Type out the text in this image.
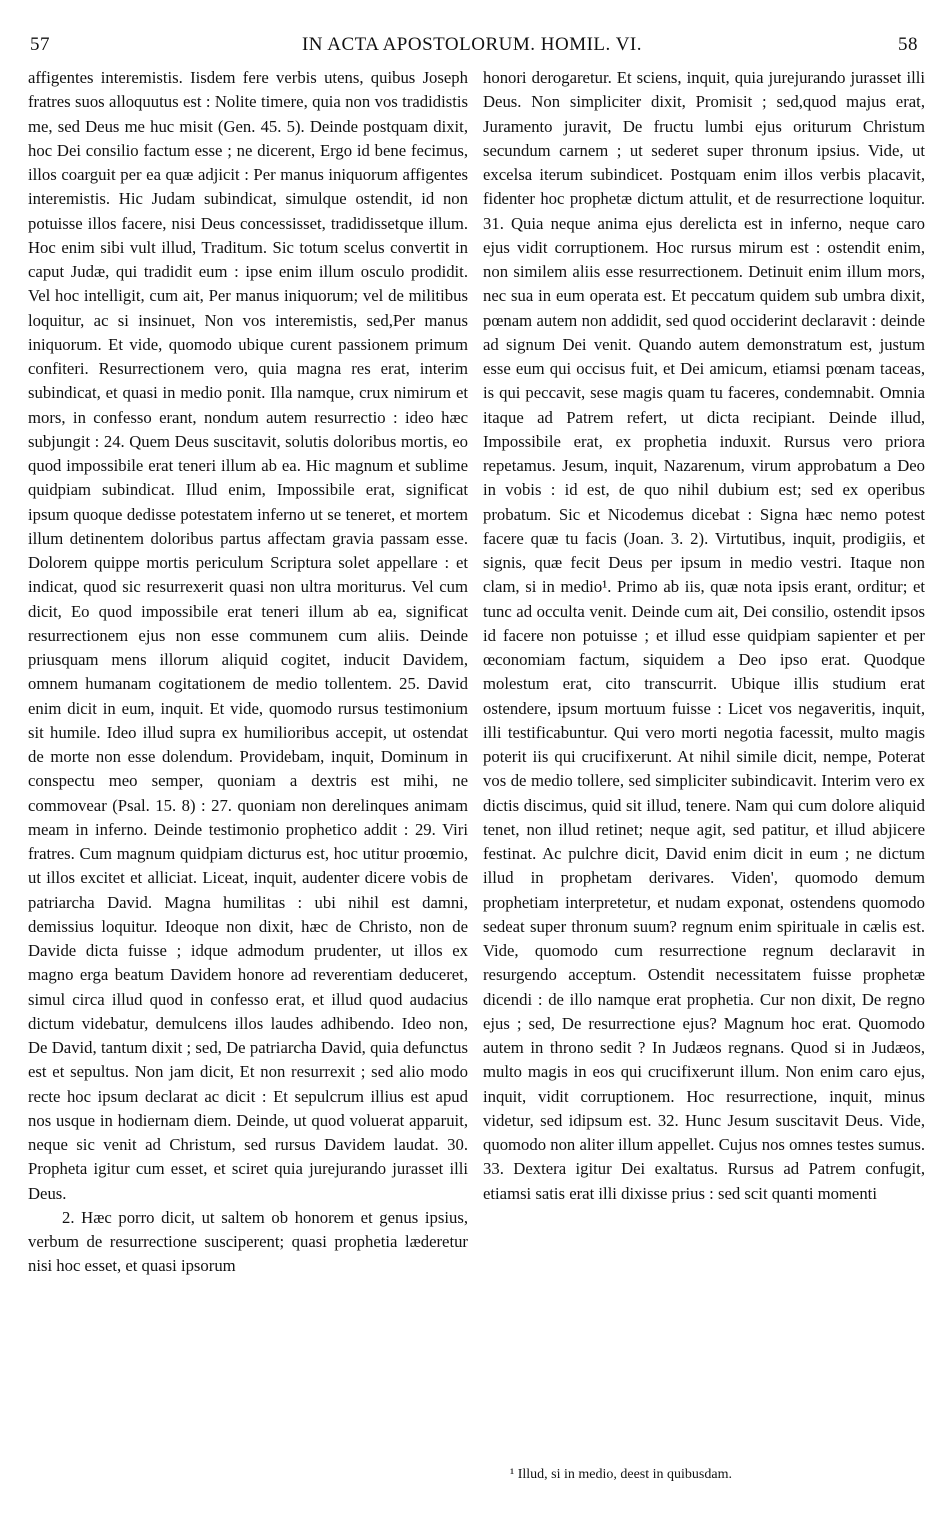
57	IN ACTA APOSTOLORUM. HOMIL. VI.	58

affigentes interemistis. Iisdem fere verbis utens, quibus Joseph fratres suos alloquutus est : Nolite timere, quia non vos tradidistis me, sed Deus me huc misit (Gen. 45. 5). Deinde postquam dixit, hoc Dei consilio factum esse ; ne dicerent, Ergo id bene fecimus, illos coarguit per ea quæ adjicit : Per manus iniquorum affigentes interemistis. Hic Judam subindicat, simulque ostendit, id non potuisse illos facere, nisi Deus concessisset, tradidissetque illum. Hoc enim sibi vult illud, Traditum. Sic totum scelus convertit in caput Judæ, qui tradidit eum : ipse enim illum osculo prodidit. Vel hoc intelligit, cum ait, Per manus iniquorum; vel de militibus loquitur, ac si insinuet, Non vos interemistis, sed,Per manus iniquorum. Et vide, quomodo ubique curent passionem primum confiteri. Resurrectionem vero, quia magna res erat, interim subindicat, et quasi in medio ponit. Illa namque, crux nimirum et mors, in confesso erant, nondum autem resurrectio : ideo hæc subjungit : 24. Quem Deus suscitavit, solutis doloribus mortis, eo quod impossibile erat teneri illum ab ea. Hic magnum et sublime quidpiam subindicat. Illud enim, Impossibile erat, significat ipsum quoque dedisse potestatem inferno ut se teneret, et mortem illum detinentem doloribus partus affectam gravia passam esse. Dolorem quippe mortis periculum Scriptura solet appellare : et indicat, quod sic resurrexerit quasi non ultra moriturus. Vel cum dicit, Eo quod impossibile erat teneri illum ab ea, significat resurrectionem ejus non esse communem cum aliis. Deinde priusquam mens illorum aliquid cogitet, inducit Davidem, omnem humanam cogitationem de medio tollentem. 25. David enim dicit in eum, inquit. Et vide, quomodo rursus testimonium sit humile. Ideo illud supra ex humilioribus accepit, ut ostendat de morte non esse dolendum. Providebam, inquit, Dominum in conspectu meo semper, quoniam a dextris est mihi, ne commovear (Psal. 15. 8) : 27. quoniam non derelinques animam meam in inferno. Deinde testimonio prophetico addit : 29. Viri fratres. Cum magnum quidpiam dicturus est, hoc utitur proœmio, ut illos excitet et alliciat. Liceat, inquit, audenter dicere vobis de patriarcha David. Magna humilitas : ubi nihil est damni, demissius loquitur. Ideoque non dixit, hæc de Christo, non de Davide dicta fuisse ; idque admodum prudenter, ut illos ex magno erga beatum Davidem honore ad reverentiam deduceret, simul circa illud quod in confesso erat, et illud quod audacius dictum videbatur, demulcens illos laudes adhibendo. Ideo non, De David, tantum dixit ; sed, De patriarcha David, quia defunctus est et sepultus. Non jam dicit, Et non resurrexit ; sed alio modo recte hoc ipsum declarat ac dicit : Et sepulcrum illius est apud nos usque in hodiernam diem. Deinde, ut quod voluerat apparuit, neque sic venit ad Christum, sed rursus Davidem laudat. 30. Propheta igitur cum esset, et sciret quia jurejurando jurasset illi Deus.

2. Hæc porro dicit, ut saltem ob honorem et genus ipsius, verbum de resurrectione susciperent; quasi prophetia læderetur nisi hoc esset, et quasi ipsorum

honori derogaretur. Et sciens, inquit, quia jurejurando jurasset illi Deus. Non simpliciter dixit, Promisit ; sed,quod majus erat, Juramento juravit, De fructu lumbi ejus oriturum Christum secundum carnem ; ut sederet super thronum ipsius. Vide, ut excelsa iterum subindicet. Postquam enim illos verbis placavit, fidenter hoc prophetæ dictum attulit, et de resurrectione loquitur. 31. Quia neque anima ejus derelicta est in inferno, neque caro ejus vidit corruptionem. Hoc rursus mirum est : ostendit enim, non similem aliis esse resurrectionem. Detinuit enim illum mors, nec sua in eum operata est. Et peccatum quidem sub umbra dixit, pœnam autem non addidit, sed quod occiderint declaravit : deinde ad signum Dei venit. Quando autem demonstratum est, justum esse eum qui occisus fuit, et Dei amicum, etiamsi pœnam taceas, is qui peccavit, sese magis quam tu faceres, condemnabit. Omnia itaque ad Patrem refert, ut dicta recipiant. Deinde illud, Impossibile erat, ex prophetia induxit. Rursus vero priora repetamus. Jesum, inquit, Nazarenum, virum approbatum a Deo in vobis : id est, de quo nihil dubium est; sed ex operibus probatum. Sic et Nicodemus dicebat : Signa hæc nemo potest facere quæ tu facis (Joan. 3. 2). Virtutibus, inquit, prodigiis, et signis, quæ fecit Deus per ipsum in medio vestri. Itaque non clam, si in medio¹. Primo ab iis, quæ nota ipsis erant, orditur; et tunc ad occulta venit. Deinde cum ait, Dei consilio, ostendit ipsos id facere non potuisse ; et illud esse quidpiam sapienter et per œconomiam factum, siquidem a Deo ipso erat. Quodque molestum erat, cito transcurrit. Ubique illis studium erat ostendere, ipsum mortuum fuisse : Licet vos negaveritis, inquit, illi testificabuntur. Qui vero morti negotia facessit, multo magis poterit iis qui crucifixerunt. At nihil simile dicit, nempe, Poterat vos de medio tollere, sed simpliciter subindicavit. Interim vero ex dictis discimus, quid sit illud, tenere. Nam qui cum dolore aliquid tenet, non illud retinet; neque agit, sed patitur, et illud abjicere festinat. Ac pulchre dicit, David enim dicit in eum ; ne dictum illud in prophetam derivares. Viden', quomodo demum prophetiam interpretetur, et nudam exponat, ostendens quomodo sedeat super thronum suum? regnum enim spirituale in cælis est. Vide, quomodo cum resurrectione regnum declaravit in resurgendo acceptum. Ostendit necessitatem fuisse prophetæ dicendi : de illo namque erat prophetia. Cur non dixit, De regno ejus ; sed, De resurrectione ejus? Magnum hoc erat. Quomodo autem in throno sedit ? In Judæos regnans. Quod si in Judæos, multo magis in eos qui crucifixerunt illum. Non enim caro ejus, inquit, vidit corruptionem. Hoc resurrectione, inquit, minus videtur, sed idipsum est. 32. Hunc Jesum suscitavit Deus. Vide, quomodo non aliter illum appellet. Cujus nos omnes testes sumus. 33. Dextera igitur Dei exaltatus. Rursus ad Patrem confugit, etiamsi satis erat illi dixisse prius : sed scit quanti momenti

¹ Illud, si in medio, deest in quibusdam.
